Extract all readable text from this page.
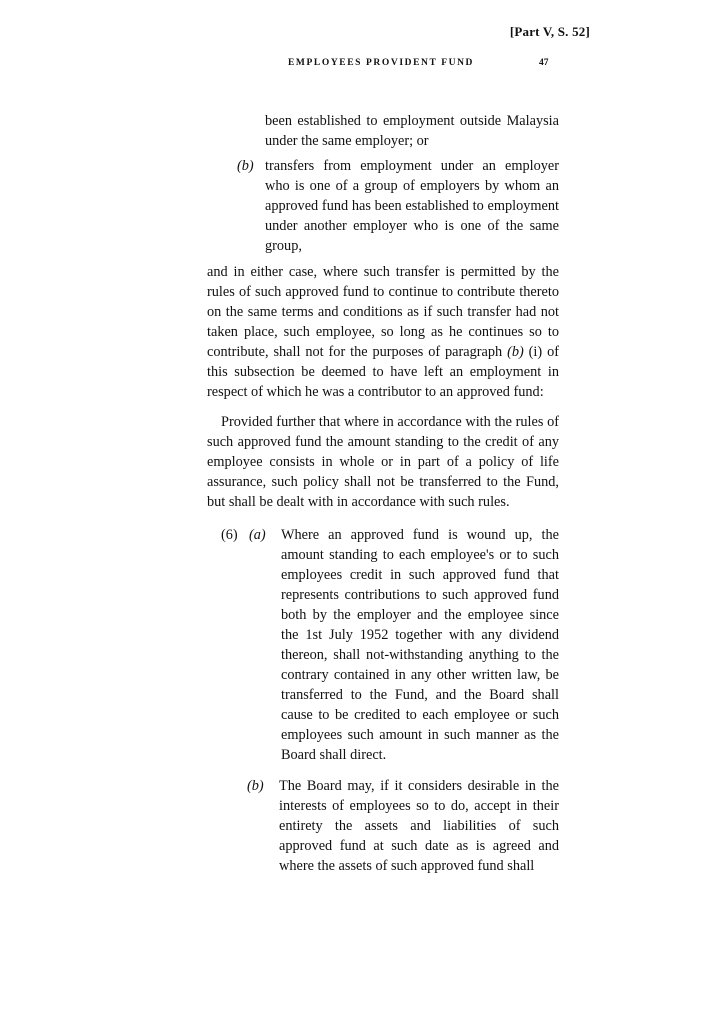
[Part V, S. 52]
EMPLOYEES PROVIDENT FUND	47
been established to employment outside Malaysia under the same employer; or
(b) transfers from employment under an employer who is one of a group of employers by whom an approved fund has been established to employment under another employer who is one of the same group,
and in either case, where such transfer is permitted by the rules of such approved fund to continue to contribute thereto on the same terms and conditions as if such transfer had not taken place, such employee, so long as he continues so to contribute, shall not for the purposes of paragraph (b) (i) of this subsection be deemed to have left an employment in respect of which he was a contributor to an approved fund:
Provided further that where in accordance with the rules of such approved fund the amount standing to the credit of any employee consists in whole or in part of a policy of life assurance, such policy shall not be transferred to the Fund, but shall be dealt with in accordance with such rules.
(6) (a)	Where an approved fund is wound up, the amount standing to each employee's or to such employees credit in such approved fund that represents contributions to such approved fund both by the employer and the employee since the 1st July 1952 together with any dividend thereon, shall not-withstanding anything to the contrary contained in any other written law, be transferred to the Fund, and the Board shall cause to be credited to each employee or such employees such amount in such manner as the Board shall direct.
(b)	The Board may, if it considers desirable in the interests of employees so to do, accept in their entirety the assets and liabilities of such approved fund at such date as is agreed and where the assets of such approved fund shall
